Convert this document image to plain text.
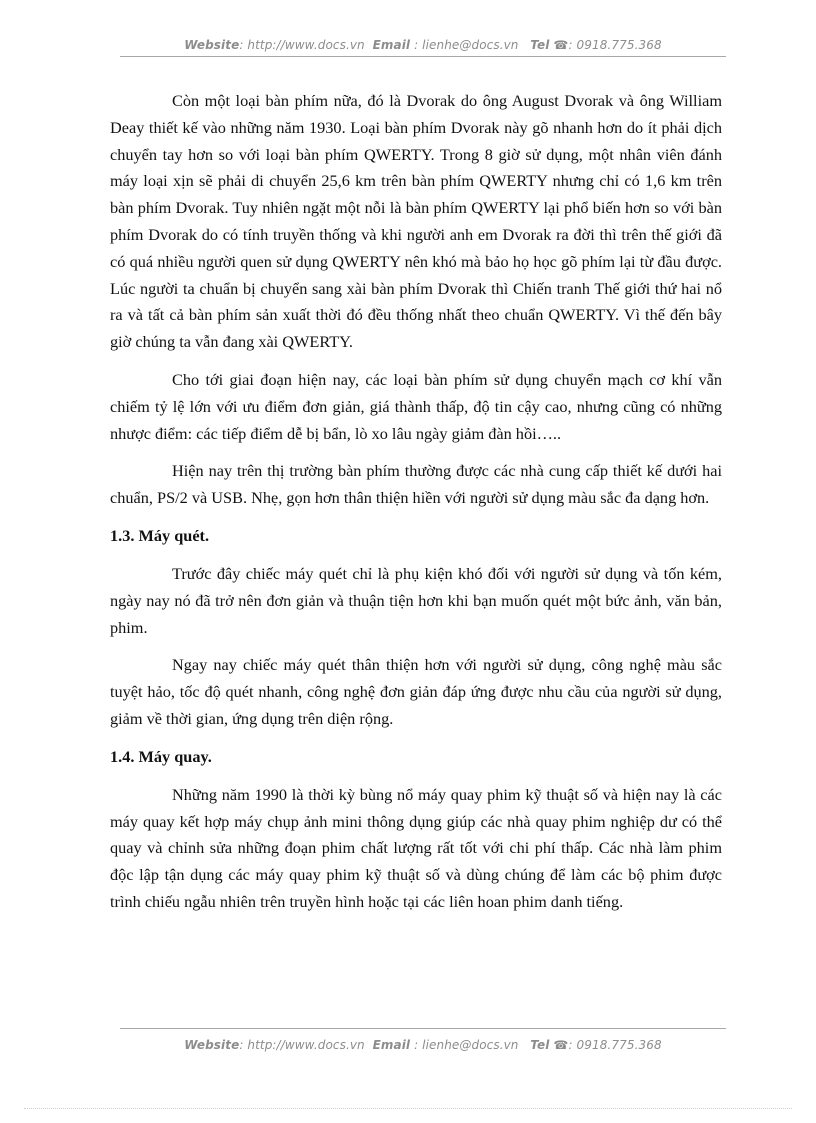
Website: http://www.docs.vn Email : lienhe@docs.vn Tel ☎: 0918.775.368

Còn một loại bàn phím nữa, đó là Dvorak do ông August Dvorak và ông William Deay thiết kế vào những năm 1930. Loại bàn phím Dvorak này gõ nhanh hơn do ít phải dịch chuyển tay hơn so với loại bàn phím QWERTY. Trong 8 giờ sử dụng, một nhân viên đánh máy loại xịn sẽ phải di chuyển 25,6 km trên bàn phím QWERTY nhưng chỉ có 1,6 km trên bàn phím Dvorak. Tuy nhiên ngặt một nỗi là bàn phím QWERTY lại phổ biến hơn so với bàn phím Dvorak do có tính truyền thống và khi người anh em Dvorak ra đời thì trên thế giới đã có quá nhiều người quen sử dụng QWERTY nên khó mà bảo họ học gõ phím lại từ đầu được. Lúc người ta chuẩn bị chuyển sang xài bàn phím Dvorak thì Chiến tranh Thế giới thứ hai nổ ra và tất cả bàn phím sản xuất thời đó đều thống nhất theo chuẩn QWERTY. Vì thế đến bây giờ chúng ta vẫn đang xài QWERTY.

Cho tới giai đoạn hiện nay, các loại bàn phím sử dụng chuyển mạch cơ khí vẫn chiếm tỷ lệ lớn với ưu điểm đơn giản, giá thành thấp, độ tin cậy cao, nhưng cũng có những nhược điểm: các tiếp điểm dễ bị bẩn, lò xo lâu ngày giảm đàn hồi…..

Hiện nay trên thị trường bàn phím thường được các nhà cung cấp thiết kế dưới hai chuẩn, PS/2 và USB. Nhẹ, gọn hơn thân thiện hiền với người sử dụng màu sắc đa dạng hơn.

1.3. Máy quét.

Trước đây chiếc máy quét chỉ là phụ kiện khó đối với người sử dụng và tốn kém, ngày nay nó đã trở nên đơn giản và thuận tiện hơn khi bạn muốn quét một bức ảnh, văn bản, phim.

Ngay nay chiếc máy quét thân thiện hơn với người sử dụng, công nghệ màu sắc tuyệt hảo, tốc độ quét nhanh, công nghệ đơn giản đáp ứng được nhu cầu của người sử dụng, giảm về thời gian, ứng dụng trên diện rộng.

1.4. Máy quay.

Những năm 1990 là thời kỳ bùng nổ máy quay phim kỹ thuật số và hiện nay là các máy quay kết hợp máy chụp ảnh mini thông dụng giúp các nhà quay phim nghiệp dư có thể quay và chỉnh sửa những đoạn phim chất lượng rất tốt với chi phí thấp. Các nhà làm phim độc lập tận dụng các máy quay phim kỹ thuật số và dùng chúng để làm các bộ phim được trình chiếu ngẫu nhiên trên truyền hình hoặc tại các liên hoan phim danh tiếng.

Website: http://www.docs.vn Email : lienhe@docs.vn Tel ☎: 0918.775.368
